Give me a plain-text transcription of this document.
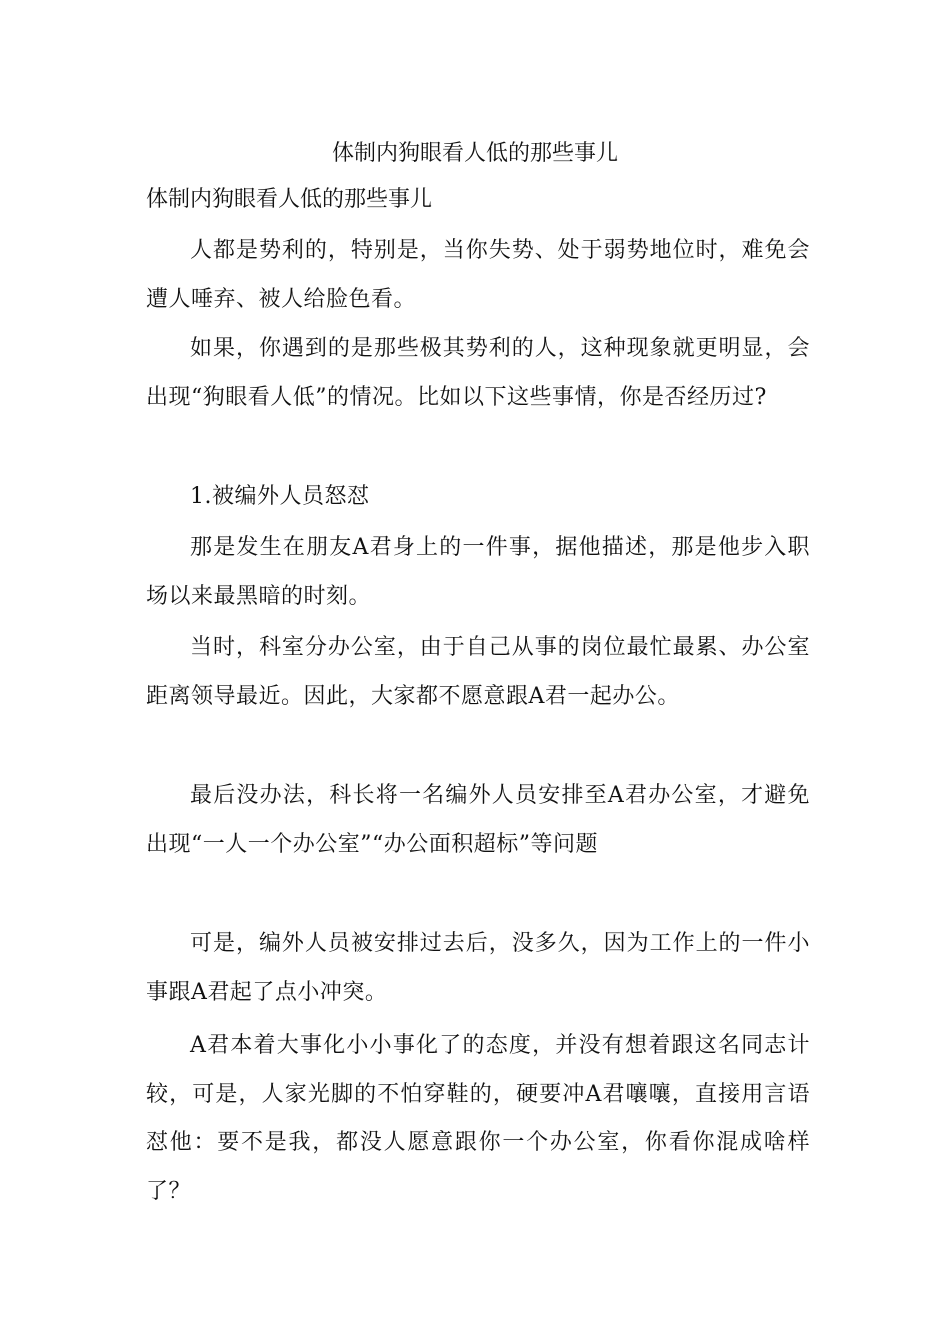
体制内狗眼看人低的那些事儿
体制内狗眼看人低的那些事儿

人都是势利的，特别是，当你失势、处于弱势地位时，难免会遭人唾弃、被人给脸色看。

如果，你遇到的是那些极其势利的人，这种现象就更明显，会出现“狗眼看人低”的情况。比如以下这些事情，你是否经历过?

1.被编外人员怒怼

那是发生在朋友A君身上的一件事，据他描述，那是他步入职场以来最黑暗的时刻。

当时，科室分办公室，由于自己从事的岗位最忙最累、办公室距离领导最近。因此，大家都不愿意跟A君一起办公。

最后没办法，科长将一名编外人员安排至A君办公室，才避免出现“一人一个办公室”“办公面积超标”等问题

可是，编外人员被安排过去后，没多久，因为工作上的一件小事跟A君起了点小冲突。

A君本着大事化小小事化了的态度，并没有想着跟这名同志计较，可是，人家光脚的不怕穿鞋的，硬要冲A君嚷嚷，直接用言语怼他：要不是我，都没人愿意跟你一个办公室，你看你混成啥样了？
